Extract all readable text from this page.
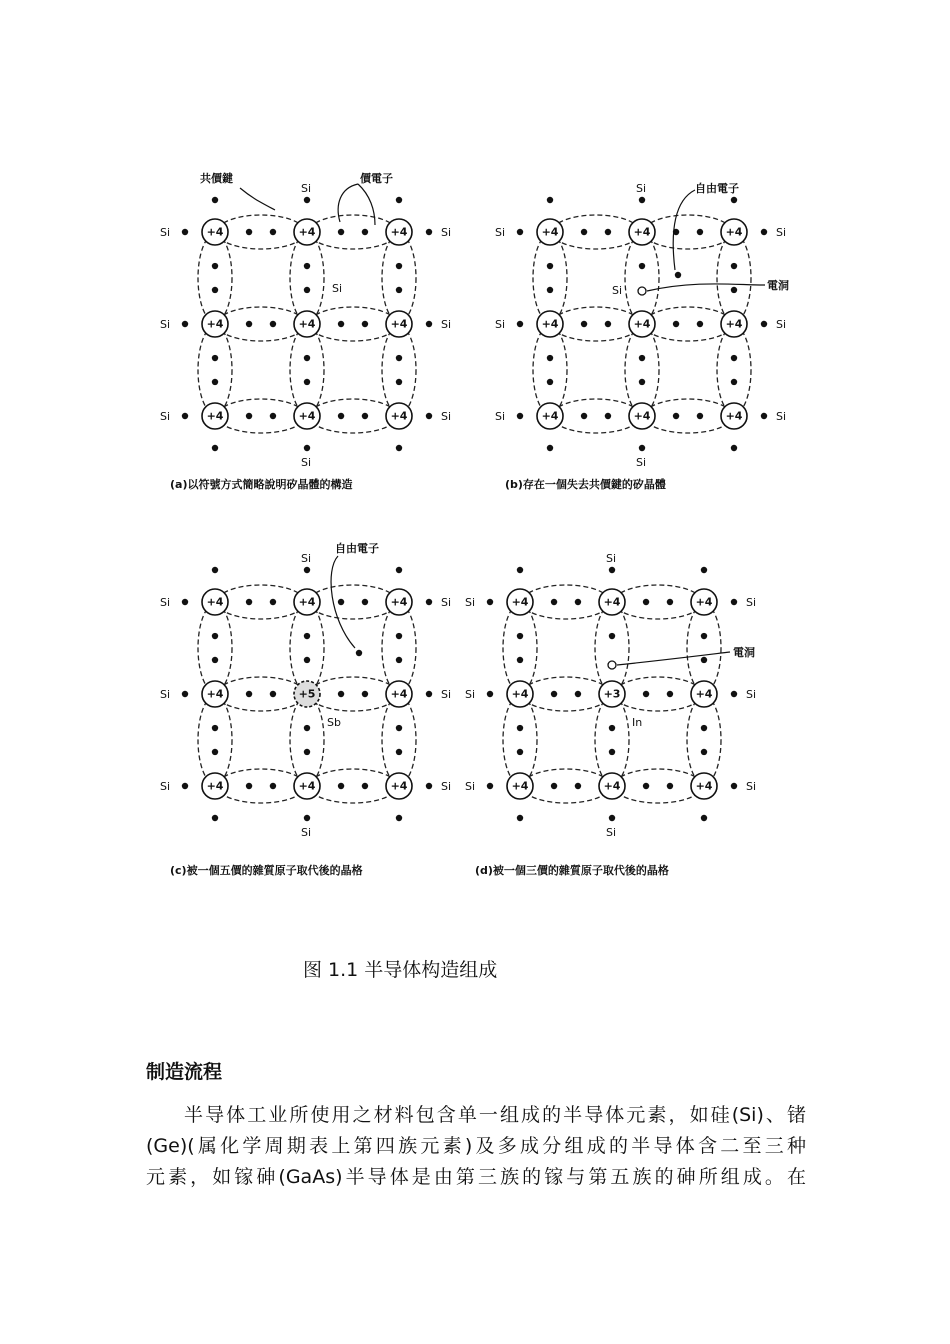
+4	+4	+4
+4	+4	+4
+4	+4	+4
Si	Si
Si	Si
Si	Si
Si
Si
(a)以符號方式簡略說明矽晶體的構造
共價鍵	價電子
Si
+4	+4	+4
+4	+4	+4
+4	+4	+4
Si	Si
Si	Si
Si	Si
Si
Si
(b)存在一個失去共價鍵的矽晶體
自由電子
電洞
Si
+4	+4	+4
+4	+5	+4
+4	+4	+4
Si	Si
Si	Si
Si	Si
Si
Si
(c)被一個五價的雜質原子取代後的晶格
自由電子
Sb
+4	+4	+4
+4	+3	+4
+4	+4	+4
Si	Si
Si	Si
Si	Si
Si
Si
(d)被一個三價的雜質原子取代後的晶格
電洞
In
图 1.1 半导体构造组成
制造流程
半导体工业所使用之材料包含单一组成的半导体元素，如硅(Si)、锗
(Ge)(属化学周期表上第四族元素)及多成分组成的半导体含二至三种
元素，如镓砷(GaAs)半导体是由第三族的镓与第五族的砷所组成。在
